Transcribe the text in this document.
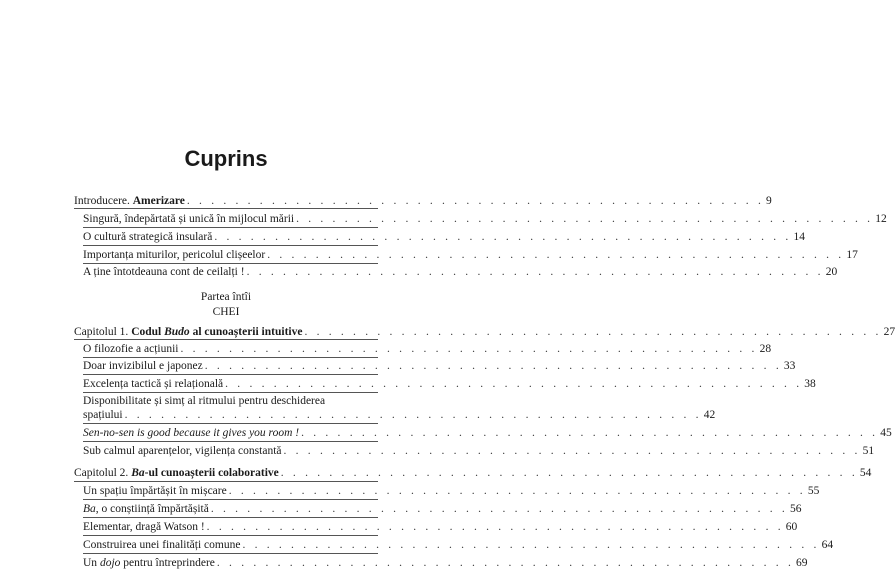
Cuprins
Introducere. Amerizare . . . . . . . . . . . . . . . . . . . . . . . . . . . . . . . . . . . . . . . . . . . . . . . . 9
Singură, îndepărtată și unică în mijlocul mării . . . . . . . . . . . . . . . . . . . . . . . . . . . . . . . . . . . . . . . . . . . . . . . . 12
O cultură strategică insulară . . . . . . . . . . . . . . . . . . . . . . . . . . . . . . . . . . . . . . . . . . . . . . . . 14
Importanța miturilor, pericolul clișeelor . . . . . . . . . . . . . . . . . . . . . . . . . . . . . . . . . . . . . . . . . . . . . . . . 17
A ține întotdeauna cont de ceilalți ! . . . . . . . . . . . . . . . . . . . . . . . . . . . . . . . . . . . . . . . . . . . . . . . . 20
Partea întîi
CHEI
Capitolul 1. Codul Budo al cunoașterii intuitive . . . . . . . . . . . . . . . . . . . . . . . . . . . . . . . . . . . . . . . . . . . . . . . . 27
O filozofie a acțiunii . . . . . . . . . . . . . . . . . . . . . . . . . . . . . . . . . . . . . . . . . . . . . . . . 28
Doar invizibilul e japonez . . . . . . . . . . . . . . . . . . . . . . . . . . . . . . . . . . . . . . . . . . . . . . . . 33
Excelența tactică și relațională . . . . . . . . . . . . . . . . . . . . . . . . . . . . . . . . . . . . . . . . . . . . . . . . 38
Disponibilitate și simț al ritmului pentru deschiderea
spațiului . . . . . . . . . . . . . . . . . . . . . . . . . . . . . . . . . . . . . . . . . . . . . . . . 42
Sen-no-sen is good because it gives you room ! . . . . . . . . . . . . . . . . . . . . . . . . . . . . . . . . . . . . . . . . . . . . . . . . 45
Sub calmul aparențelor, vigilența constantă . . . . . . . . . . . . . . . . . . . . . . . . . . . . . . . . . . . . . . . . . . . . . . . . 51
Capitolul 2. Ba-ul cunoașterii colaborative . . . . . . . . . . . . . . . . . . . . . . . . . . . . . . . . . . . . . . . . . . . . . . . . 54
Un spațiu împărtășit în mișcare . . . . . . . . . . . . . . . . . . . . . . . . . . . . . . . . . . . . . . . . . . . . . . . . 55
Ba, o conștiință împărtășită . . . . . . . . . . . . . . . . . . . . . . . . . . . . . . . . . . . . . . . . . . . . . . . . 56
Elementar, dragă Watson ! . . . . . . . . . . . . . . . . . . . . . . . . . . . . . . . . . . . . . . . . . . . . . . . . 60
Construirea unei finalități comune . . . . . . . . . . . . . . . . . . . . . . . . . . . . . . . . . . . . . . . . . . . . . . . . 64
Un dojo pentru întreprindere . . . . . . . . . . . . . . . . . . . . . . . . . . . . . . . . . . . . . . . . . . . . . . . . 69
